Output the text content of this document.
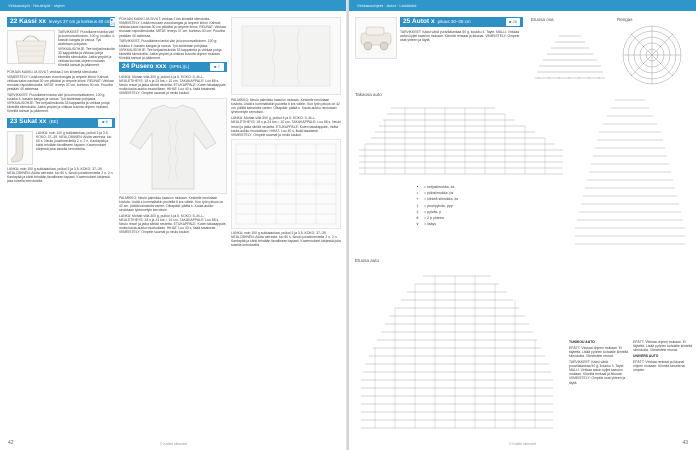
Virkkaustyöt · Neuletyöt · ohjeet
22 Kassi xx leveys 37 cm ja korkeus 40 cm ■ 24
TARVIKKEET: Puuvillainen lanka väri ja luonnonvalkoinen, 100 g; koukku 4; kassiin kangas ja vanua. Työ aloitetaan pohjasta. VIRKKAUSOHJE: Tee ketjusilmukoita 33 kappaletta ja virkkaa pohja kiinteillä silmukoilla. Jatka ympäri ja virkkaa kuviota ohjeen mukaan. Kiinnitä kahvat ja päärmeet.

POHJAN KAIKKI JA SIVUT: virkkaa 2 krs kiinteitä silmukoita. VIIMEISTELY: Lisää reunaan vuorokangas ja ompele kiinni. Kahvat: virkkaa kaksi nauhaa 30 cm pitkäksi ja ompele kiinni. REUNAT: Virkkaa reunaan rapusilmukoita. MITAT: leveys 37 cm, korkeus 40 cm. Puuvilla pestään 40 asteessa.

TARVIKKEET: Puuvillainen lanka väri ja luonnonvalkoinen, 100 g; koukku 4; kassiin kangas ja vanua. Työ aloitetaan pohjasta. VIRKKAUSOHJE: Tee ketjusilmukoita 33 kappaletta ja virkkaa pohja kiinteillä silmukoilla. Jatka ympäri ja virkkaa kuviota ohjeen mukaan. Kiinnitä kahvat ja päärmeet.

23 Sukat xx (BE)	■ 6
LANKA: noin 100 g sukkalankaa, puikot 3 ja 3,5. KOKO: 37–39. NEULOMINEN: Aloita varresta, luo 60 s. Neulo joustinneuletta 2 o, 2 n. Kantapää ja kärki tehdään tavalliseen tapaan. Kavennukset kärjessä joka toisella kerroksella.

LANKA: noin 100 g sukkalankaa, puikot 3 ja 3,5. KOKO: 37–39. NEULOMINEN: Aloita varresta, luo 60 s. Neulo joustinneuletta 2 o, 2 n. Kantapää ja kärki tehdään tavalliseen tapaan. Kavennukset kärjessä joka toisella kerroksella.

POHJAN KAIKKI JA SIVUT: virkkaa 2 krs kiinteitä silmukoita. VIIMEISTELY: Lisää reunaan vuorokangas ja ompele kiinni. Kahvat: virkkaa kaksi nauhaa 30 cm pitkäksi ja ompele kiinni. REUNAT: Virkkaa reunaan rapusilmukoita. MITAT: leveys 37 cm, korkeus 40 cm. Puuvilla pestään 40 asteessa.

TARVIKKEET: Puuvillainen lanka väri ja luonnonvalkoinen, 100 g; koukku 4; kassiin kangas ja vanua. Työ aloitetaan pohjasta. VIRKKAUSOHJE: Tee ketjusilmukoita 33 kappaletta ja virkkaa pohja kiinteillä silmukoilla. Jatka ympäri ja virkkaa kuviota ohjeen mukaan. Kiinnitä kahvat ja päärmeet.

24 Pusero xxx (SPEL)(L)	■ 7

LANKA: Mohair-villa 300 g, puikot 4 ja 5. KOKO: S–M–L. NEULETIHEYS: 18 s ja 24 krs = 10 cm. TAKAKAPPALE: Luo 88 s. Neulo resori ja jatka sileää neuletta. ETUKAPPALE: Kuten takakappale, mutta kaula-aukko muotoillaan. HIHAT: Luo 40 s, lisää tasaisesti. VIIMEISTELY: Ompele saumat ja neulo kauluri.

PALMIKKO: Neulo palmikko kaavion mukaan. Keskelle neulotaan kuviota. Lisää s kummaltakin puolelta 6 krs välein. Kun työn pituus on 42 cm, päätä kainaloita varten. Olkapäät: päätä s. Kaula-aukko neulotaan lyhennetyin kerroksin.

LANKA: Mohair-villa 300 g, puikot 4 ja 5. KOKO: S–M–L. NEULETIHEYS: 18 s ja 24 krs = 10 cm. TAKAKAPPALE: Luo 88 s. Neulo resori ja jatka sileää neuletta. ETUKAPPALE: Kuten takakappale, mutta kaula-aukko muotoillaan. HIHAT: Luo 40 s, lisää tasaisesti. VIIMEISTELY: Ompele saumat ja neulo kauluri.

PALMIKKO: Neulo palmikko kaavion mukaan. Keskelle neulotaan kuviota. Lisää s kummaltakin puolelta 6 krs välein. Kun työn pituus on 42 cm, päätä kainaloita varten. Olkapäät: päätä s. Kaula-aukko neulotaan lyhennetyin kerroksin.

LANKA: Mohair-villa 300 g, puikot 4 ja 5. KOKO: S–M–L. NEULETIHEYS: 18 s ja 24 krs = 10 cm. TAKAKAPPALE: Luo 88 s. Neulo resori ja jatka sileää neuletta. ETUKAPPALE: Kuten takakappale, mutta kaula-aukko muotoillaan. HIHAT: Luo 40 s, lisää tasaisesti. VIIMEISTELY: Ompele saumat ja neulo kauluri.

LANKA: noin 100 g sukkalankaa, puikot 3 ja 3,5. KOKO: 37–39. NEULOMINEN: Aloita varresta, luo 60 s. Neulo joustinneuletta 2 o, 2 n. Kantapää ja kärki tehdään tavalliseen tapaan. Kavennukset kärjessä joka toisella kerroksella.

42	© Kaikki oikeudet
Virkkausohjeet · Autot · Lisätiedot
25 Autot x pituus 30–38 cm	■ 28

TARVIKKEET: Kaksi väriä puuvillalankaa 50 g, koukku 3. Tayte. MALLI: Virkkaa auton kyljet kaavion mukaan. Kiinnitä renkaat ja ikkunat. VIIMEISTELY: Ompele osat yhteen ja täytä.

Etuosa osa	Rengas
Takaosa auto
∘ = ketjusilmukka, ks
• = piilosilmukka, ps
+ = kiinteä silmukka, ks
† = puolipylväs, ppp
‡ = pylväs, p
≠ = 2 p yhteen
∨ = lisäys
Etuosa auto

TUNIKOU AUTO

EPÄTT: Virkkaa ohjeen mukaan. Ei täytettä. Lisää pyörien kohdalle kiinteitä silmukoita. Viimeistele reunat.

TARVIKKEET: Kaksi väriä puuvillalankaa 50 g, koukku 3. Tayte. MALLI: Virkkaa auton kyljet kaavion mukaan. Kiinnitä renkaat ja ikkunat. VIIMEISTELY: Ompele osat yhteen ja täytä.

EPÄTT: Virkkaa ohjeen mukaan. Ei täytettä. Lisää pyörien kohdalle kiinteitä silmukoita. Viimeistele reunat.

UNIVERS AUTO

EPÄTT: Virkkaa renkaat ja ikkunat ohjeen mukaan. Kiinnitä tarralla tai ompele.

43
© Kaikki oikeudet
